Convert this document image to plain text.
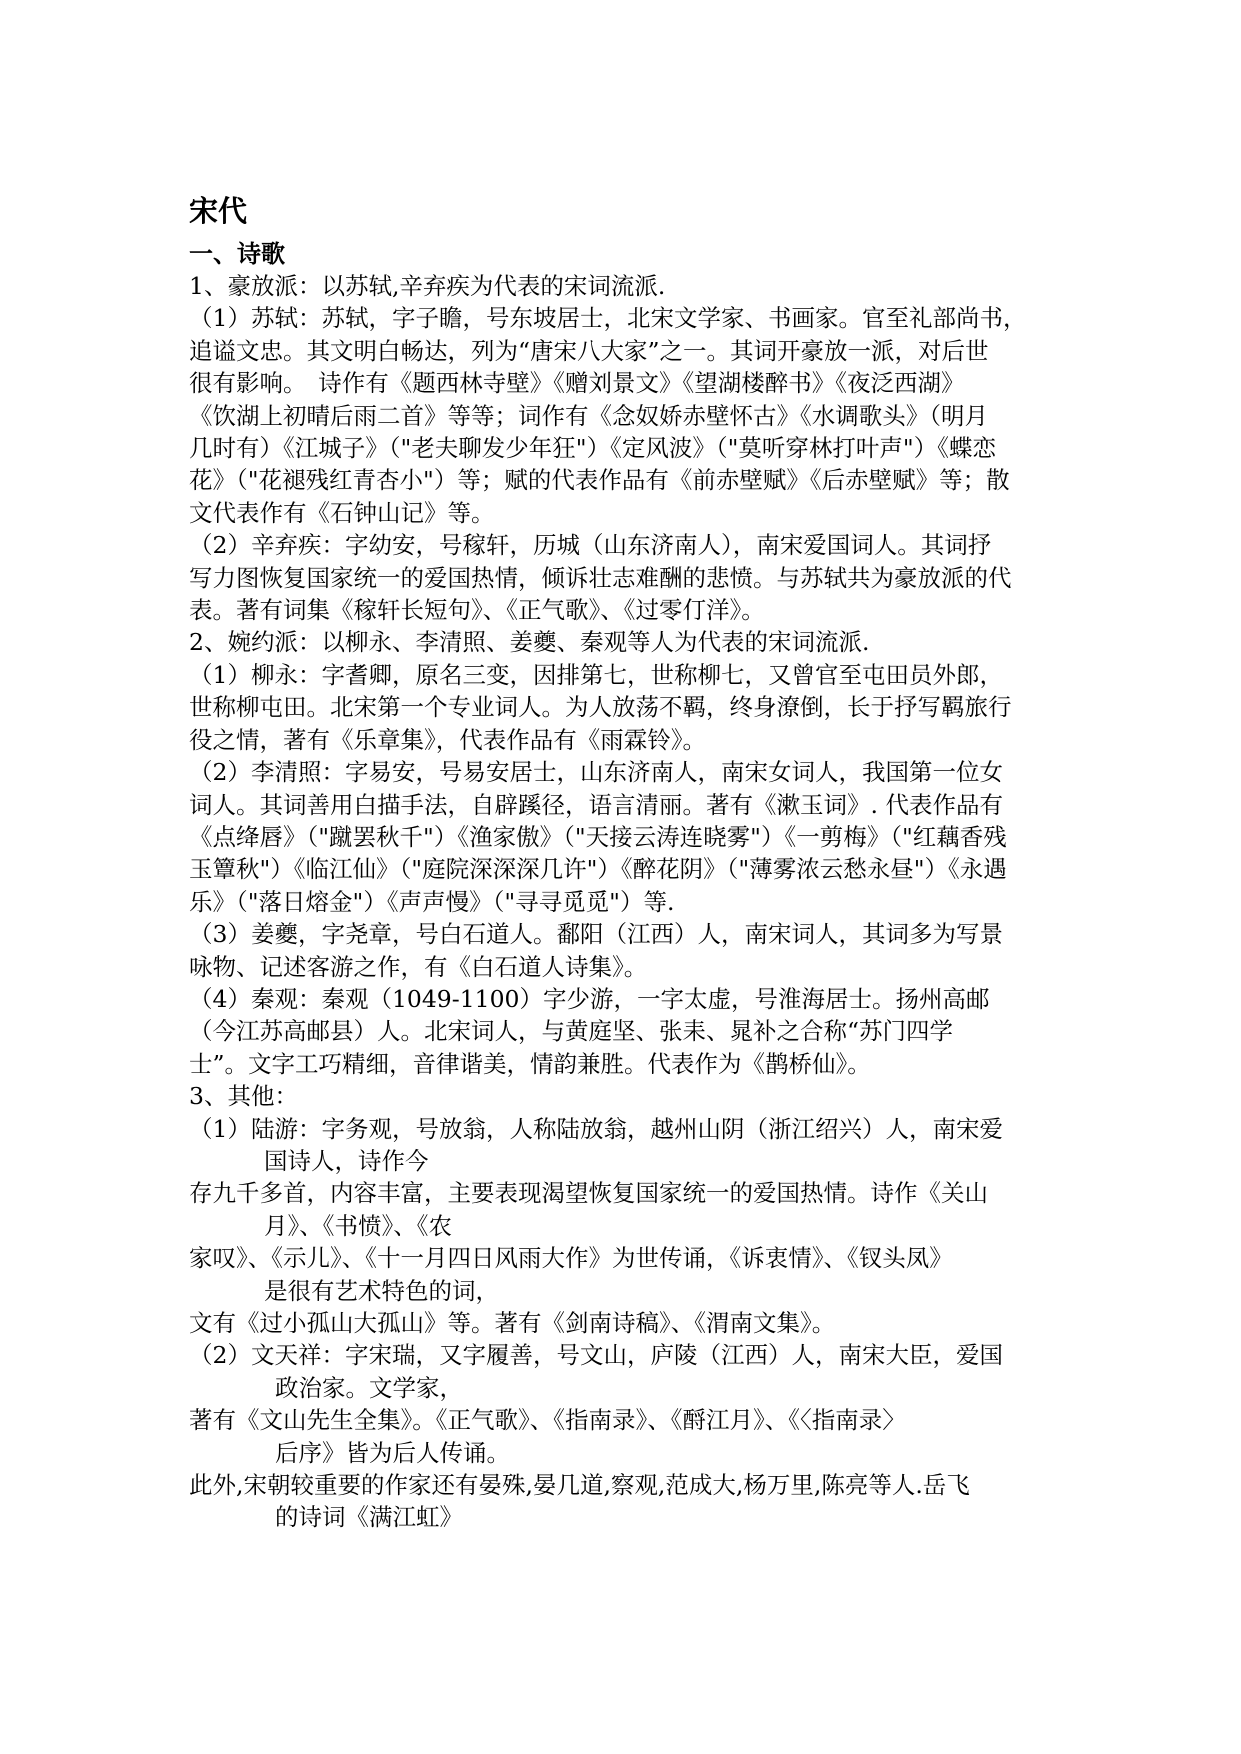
宋代
一、诗歌
1、豪放派：以苏轼,辛弃疾为代表的宋词流派.
（1）苏轼：苏轼，字子瞻，号东坡居士，北宋文学家、书画家。官至礼部尚书，
追谥文忠。其文明白畅达，列为“唐宋八大家”之一。其词开豪放一派，对后世
很有影响。　诗作有《题西林寺壁》《赠刘景文》《望湖楼醉书》《夜泛西湖》
《饮湖上初晴后雨二首》等等；词作有《念奴娇赤壁怀古》《水调歌头》（明月
几时有）《江城子》（"老夫聊发少年狂"）《定风波》（"莫听穿林打叶声"）《蝶恋
花》（"花褪残红青杏小"）等；赋的代表作品有《前赤壁赋》《后赤壁赋》等；散
文代表作有《石钟山记》等。
（2）辛弃疾：字幼安，号稼轩，历城（山东济南人），南宋爱国词人。其词抒
写力图恢复国家统一的爱国热情，倾诉壮志难酬的悲愤。与苏轼共为豪放派的代
表。著有词集《稼轩长短句》、《正气歌》、《过零仃洋》。
2、婉约派：以柳永、李清照、姜夔、秦观等人为代表的宋词流派.
（1）柳永：字耆卿，原名三变，因排第七，世称柳七，又曾官至屯田员外郎，
世称柳屯田。北宋第一个专业词人。为人放荡不羁，终身潦倒，长于抒写羁旅行
役之情，著有《乐章集》，代表作品有《雨霖铃》。
（2）李清照：字易安，号易安居士，山东济南人，南宋女词人，我国第一位女
词人。其词善用白描手法，自辟蹊径，语言清丽。著有《漱玉词》. 代表作品有
《点绛唇》（"蹴罢秋千"）《渔家傲》（"天接云涛连晓雾"）《一剪梅》（"红藕香残
玉簟秋"）《临江仙》（"庭院深深深几许"）《醉花阴》（"薄雾浓云愁永昼"）《永遇
乐》（"落日熔金"）《声声慢》（"寻寻觅觅"）等.
（3）姜夔，字尧章，号白石道人。鄱阳（江西）人，南宋词人，其词多为写景
咏物、记述客游之作，有《白石道人诗集》。
（4）秦观：秦观（1049-1100）字少游，一字太虚，号淮海居士。扬州高邮
（今江苏高邮县）人。北宋词人，与黄庭坚、张耒、晁补之合称“苏门四学
士”。文字工巧精细，音律谐美，情韵兼胜。代表作为《鹊桥仙》。
3、其他：
（1）陆游：字务观，号放翁，人称陆放翁，越州山阴（浙江绍兴）人，南宋爱
国诗人，诗作今
存九千多首，内容丰富，主要表现渴望恢复国家统一的爱国热情。诗作《关山
月》、《书愤》、《农
家叹》、《示儿》、《十一月四日风雨大作》为世传诵，《诉衷情》、《钗头凤》
是很有艺术特色的词，
文有《过小孤山大孤山》等。著有《剑南诗稿》、《渭南文集》。
（2）文天祥：字宋瑞，又字履善，号文山，庐陵（江西）人，南宋大臣，爱国
政治家。文学家，
著有《文山先生全集》。《正气歌》、《指南录》、《酹江月》、《〈指南录〉
后序》皆为后人传诵。
此外,宋朝较重要的作家还有晏殊,晏几道,察观,范成大,杨万里,陈亮等人.岳飞
的诗词《满江虹》
